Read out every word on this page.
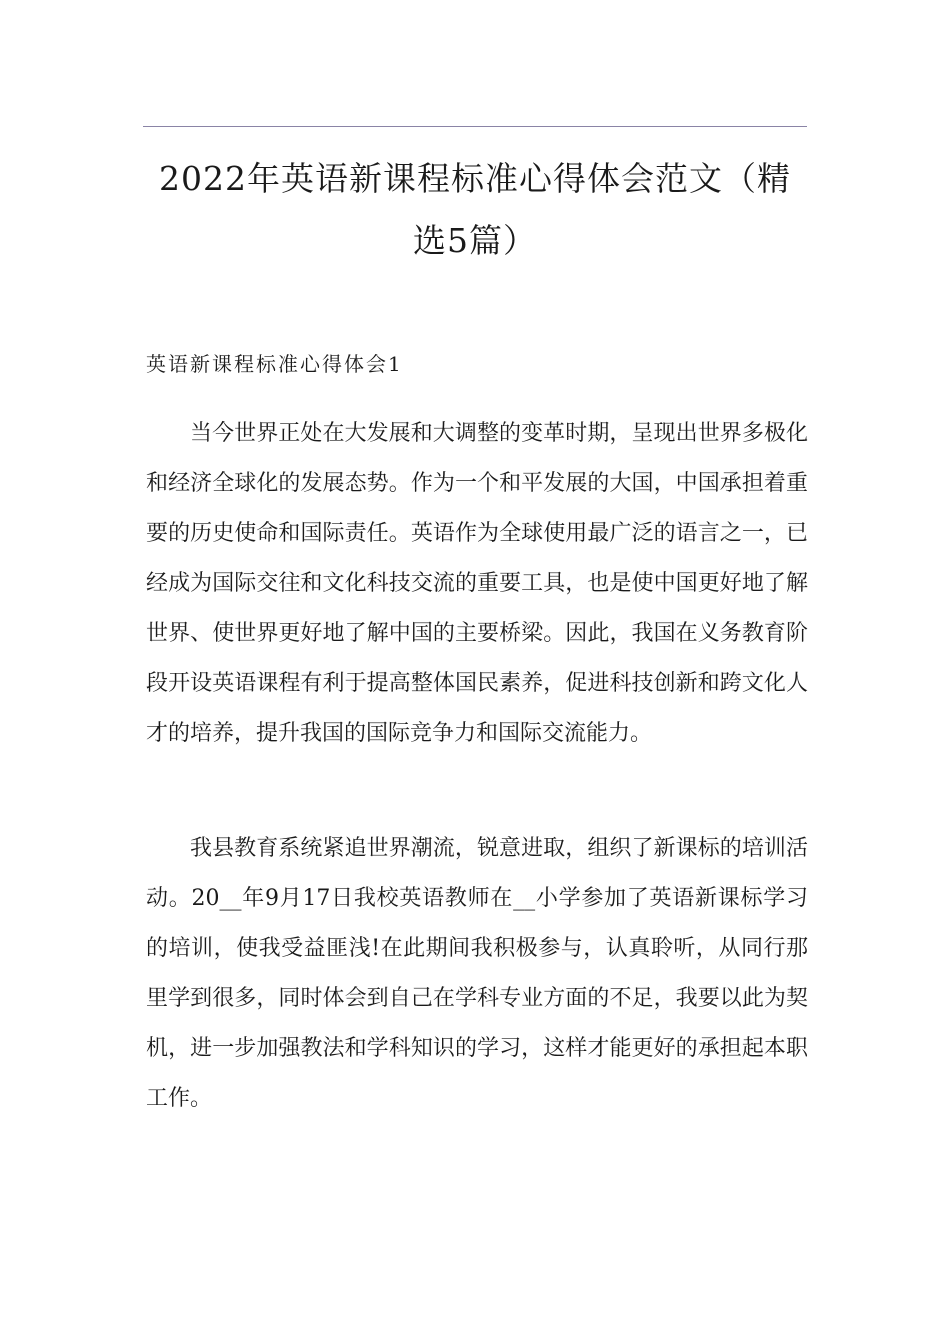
2022年英语新课程标准心得体会范文（精选5篇）
英语新课程标准心得体会1

当今世界正处在大发展和大调整的变革时期，呈现出世界多极化和经济全球化的发展态势。作为一个和平发展的大国，中国承担着重要的历史使命和国际责任。英语作为全球使用最广泛的语言之一，已经成为国际交往和文化科技交流的重要工具，也是使中国更好地了解世界、使世界更好地了解中国的主要桥梁。因此，我国在义务教育阶段开设英语课程有利于提高整体国民素养，促进科技创新和跨文化人才的培养，提升我国的国际竞争力和国际交流能力。

我县教育系统紧追世界潮流，锐意进取，组织了新课标的培训活动。20__年9月17日我校英语教师在__小学参加了英语新课标学习的培训，使我受益匪浅!在此期间我积极参与，认真聆听，从同行那里学到很多，同时体会到自己在学科专业方面的不足，我要以此为契机，进一步加强教法和学科知识的学习，这样才能更好的承担起本职工作。
